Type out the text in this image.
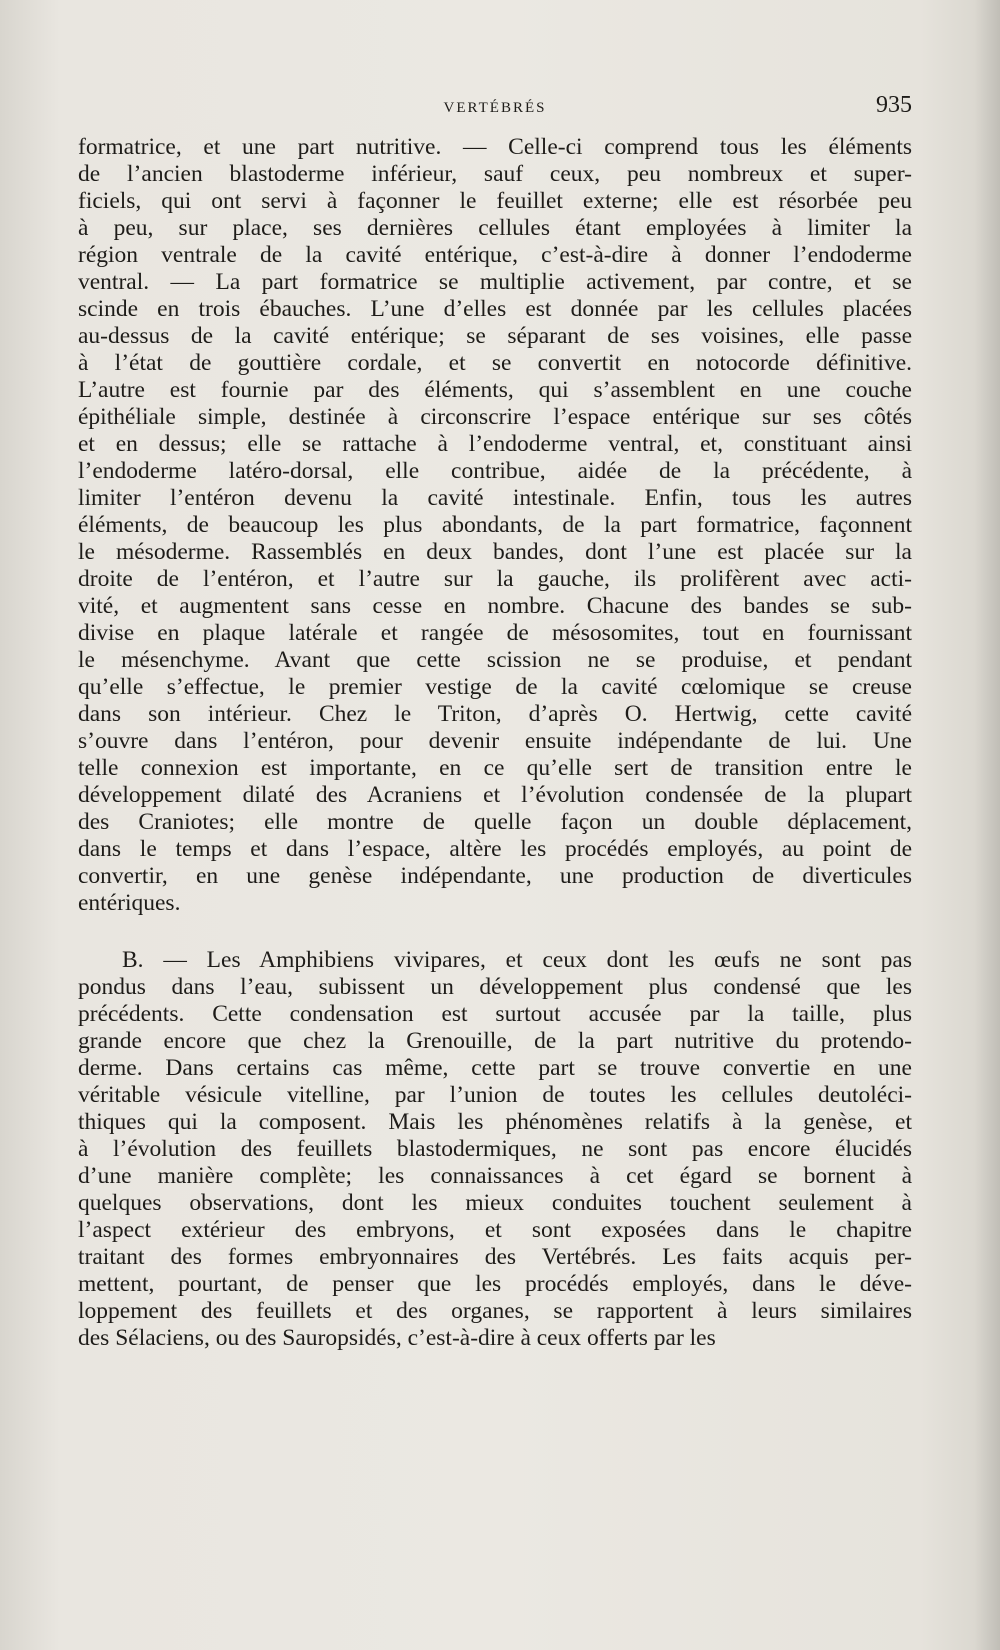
VERTÉBRÉS	935
formatrice, et une part nutritive. — Celle-ci comprend tous les éléments
de l’ancien blastoderme inférieur, sauf ceux, peu nombreux et super-
ficiels, qui ont servi à façonner le feuillet externe; elle est résorbée peu
à peu, sur place, ses dernières cellules étant employées à limiter la
région ventrale de la cavité entérique, c’est-à-dire à donner l’endoderme
ventral. — La part formatrice se multiplie activement, par contre, et se
scinde en trois ébauches. L’une d’elles est donnée par les cellules placées
au-dessus de la cavité entérique; se séparant de ses voisines, elle passe
à l’état de gouttière cordale, et se convertit en notocorde définitive.
L’autre est fournie par des éléments, qui s’assemblent en une couche
épithéliale simple, destinée à circonscrire l’espace entérique sur ses côtés
et en dessus; elle se rattache à l’endoderme ventral, et, constituant ainsi
l’endoderme latéro-dorsal, elle contribue, aidée de la précédente, à
limiter l’entéron devenu la cavité intestinale. Enfin, tous les autres
éléments, de beaucoup les plus abondants, de la part formatrice, façonnent
le mésoderme. Rassemblés en deux bandes, dont l’une est placée sur la
droite de l’entéron, et l’autre sur la gauche, ils prolifèrent avec acti-
vité, et augmentent sans cesse en nombre. Chacune des bandes se sub-
divise en plaque latérale et rangée de mésosomites, tout en fournissant
le mésenchyme. Avant que cette scission ne se produise, et pendant
qu’elle s’effectue, le premier vestige de la cavité cœlomique se creuse
dans son intérieur. Chez le Triton, d’après O. Hertwig, cette cavité
s’ouvre dans l’entéron, pour devenir ensuite indépendante de lui. Une
telle connexion est importante, en ce qu’elle sert de transition entre le
développement dilaté des Acraniens et l’évolution condensée de la plupart
des Craniotes; elle montre de quelle façon un double déplacement,
dans le temps et dans l’espace, altère les procédés employés, au point de
convertir, en une genèse indépendante, une production de diverticules
entériques.
B. — Les Amphibiens vivipares, et ceux dont les œufs ne sont pas
pondus dans l’eau, subissent un développement plus condensé que les
précédents. Cette condensation est surtout accusée par la taille, plus
grande encore que chez la Grenouille, de la part nutritive du protendo-
derme. Dans certains cas même, cette part se trouve convertie en une
véritable vésicule vitelline, par l’union de toutes les cellules deutoléci-
thiques qui la composent. Mais les phénomènes relatifs à la genèse, et
à l’évolution des feuillets blastodermiques, ne sont pas encore élucidés
d’une manière complète; les connaissances à cet égard se bornent à
quelques observations, dont les mieux conduites touchent seulement à
l’aspect extérieur des embryons, et sont exposées dans le chapitre
traitant des formes embryonnaires des Vertébrés. Les faits acquis per-
mettent, pourtant, de penser que les procédés employés, dans le déve-
loppement des feuillets et des organes, se rapportent à leurs similaires
des Sélaciens, ou des Sauropsidés, c’est-à-dire à ceux offerts par les
